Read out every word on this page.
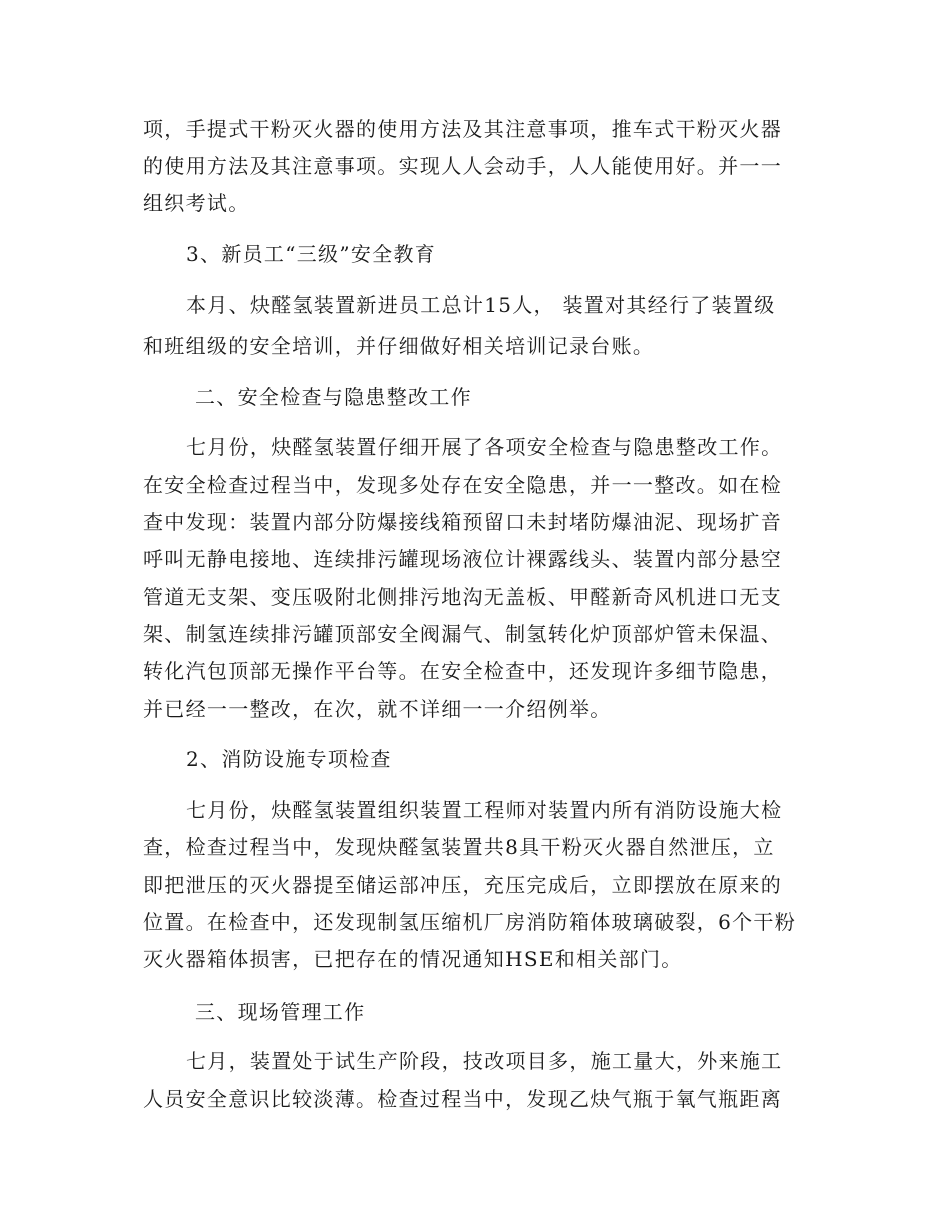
项，手提式干粉灭火器的使用方法及其注意事项，推车式干粉灭火器
的使用方法及其注意事项。实现人人会动手，人人能使用好。并一一
组织考试。
3、新员工“三级”安全教育
本月、炔醛氢装置新进员工总计15人， 装置对其经行了装置级
和班组级的安全培训，并仔细做好相关培训记录台账。
二、安全检查与隐患整改工作
七月份，炔醛氢装置仔细开展了各项安全检查与隐患整改工作。
在安全检查过程当中，发现多处存在安全隐患，并一一整改。如在检
查中发现：装置内部分防爆接线箱预留口未封堵防爆油泥、现场扩音
呼叫无静电接地、连续排污罐现场液位计裸露线头、装置内部分悬空
管道无支架、变压吸附北侧排污地沟无盖板、甲醛新奇风机进口无支
架、制氢连续排污罐顶部安全阀漏气、制氢转化炉顶部炉管未保温、
转化汽包顶部无操作平台等。在安全检查中，还发现许多细节隐患，
并已经一一整改，在次，就不详细一一介绍例举。
2、消防设施专项检查
七月份，炔醛氢装置组织装置工程师对装置内所有消防设施大检
查，检查过程当中，发现炔醛氢装置共8具干粉灭火器自然泄压，立
即把泄压的灭火器提至储运部冲压，充压完成后，立即摆放在原来的
位置。在检查中，还发现制氢压缩机厂房消防箱体玻璃破裂，6个干粉
灭火器箱体损害，已把存在的情况通知HSE和相关部门。
三、现场管理工作
七月，装置处于试生产阶段，技改项目多，施工量大，外来施工
人员安全意识比较淡薄。检查过程当中，发现乙炔气瓶于氧气瓶距离
